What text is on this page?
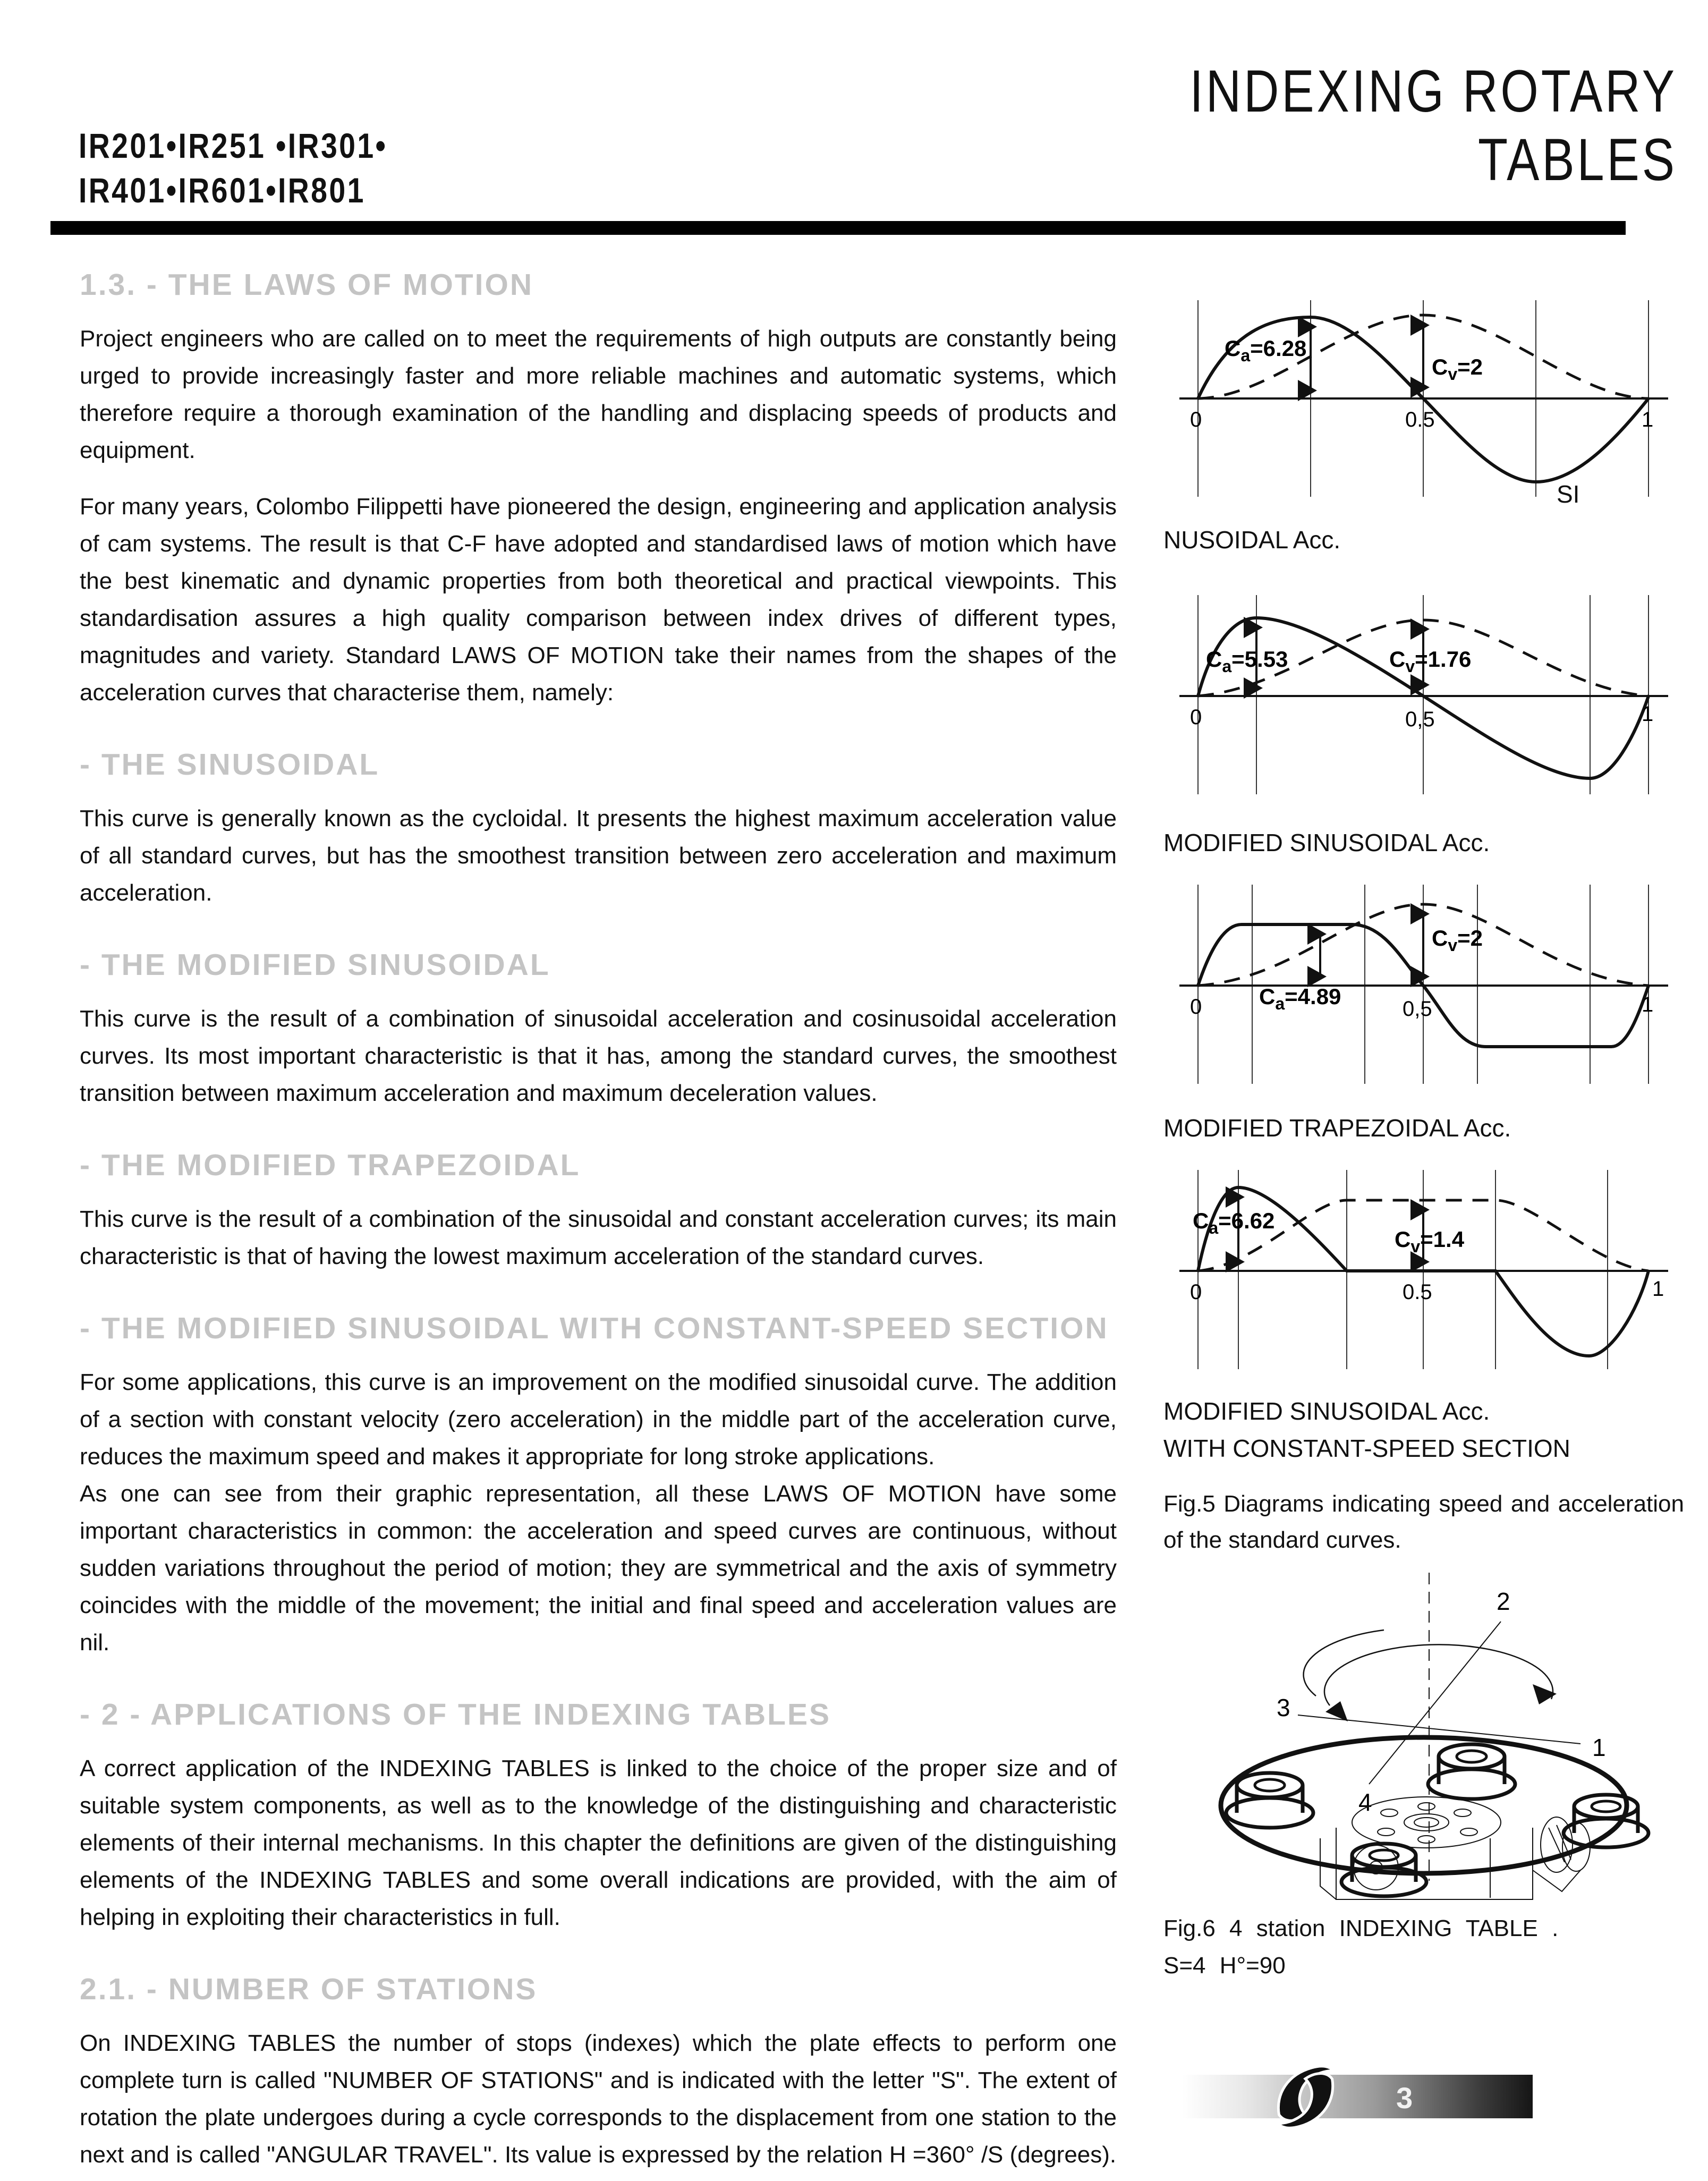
IR201•IR251 •IR301•
IR401•IR601•IR801
INDEXING ROTARY
TABLES
1.3. - THE LAWS OF MOTION

Project engineers who are called on to meet the requirements of high outputs are constantly being urged to provide increasingly faster and more reliable machines and automatic systems, which therefore require a thorough examination of the handling and displacing speeds of products and equipment.

For many years, Colombo Filippetti have pioneered the design, engineering and application analysis of cam systems. The result is that C-F have adopted and standardised laws of motion which have the best kinematic and dynamic properties from both theoretical and practical viewpoints. This standardisation assures a high quality comparison between index drives of different types, magnitudes and variety. Standard LAWS OF MOTION take their names from the shapes of the acceleration curves that characterise them, namely:

- THE SINUSOIDAL

This curve is generally known as the cycloidal. It presents the highest maximum acceleration value of all standard curves, but has the smoothest transition between zero acceleration and maximum acceleration.

- THE MODIFIED SINUSOIDAL

This curve is the result of a combination of sinusoidal acceleration and cosinusoidal acceleration curves. Its most important characteristic is that it has, among the standard curves, the smoothest transition between maximum acceleration and maximum deceleration values.

- THE MODIFIED TRAPEZOIDAL

This curve is the result of a combination of the sinusoidal and constant acceleration curves; its main characteristic is that of having the lowest maximum acceleration of the standard curves.

- THE MODIFIED SINUSOIDAL WITH CONSTANT-SPEED SECTION

For some applications, this curve is an improvement on the modified sinusoidal curve. The addition of a section with constant velocity (zero acceleration) in the middle part of the acceleration curve, reduces the maximum speed and makes it appropriate for long stroke applications.

As one can see from their graphic representation, all these LAWS OF MOTION have some important characteristics in common: the acceleration and speed curves are continuous, without sudden variations throughout the period of motion; they are symmetrical and the axis of symmetry coincides with the middle of the movement; the initial and final speed and acceleration values are nil.

- 2 - APPLICATIONS OF THE INDEXING TABLES

A correct application of the INDEXING TABLES is linked to the choice of the proper size and of suitable system components, as well as to the knowledge of the distinguishing and characteristic elements of their internal mechanisms. In this chapter the definitions are given of the distinguishing elements of the INDEXING TABLES and some overall indications are provided, with the aim of helping in exploiting their characteristics in full.

2.1. - NUMBER OF STATIONS

On INDEXING TABLES the number of stops (indexes) which the plate effects to perform one complete turn is called "NUMBER OF STATIONS" and is indicated with the letter "S". The extent of rotation the plate undergoes during a cycle corresponds to the displacement from one station to the next and is called "ANGULAR TRAVEL". Its value is expressed by the relation H =360° /S (degrees).

$C_a=6.28$
$C_v=2$
0	0.5	1
SI
NUSOIDAL Acc.
$C_a=5.53$	$C_v=1.76$
0	0,5	1
MODIFIED SINUSOIDAL Acc.
$C_a=4.89$
$C_v=2$
0	0,5	1
MODIFIED TRAPEZOIDAL Acc.
$C_a=6.62$
$C_v=1.4$
0	0.5	1
MODIFIED SINUSOIDAL Acc.
WITH CONSTANT-SPEED SECTION
Fig.5 Diagrams indicating speed and acceleration of the standard curves.
2
3
1
4
Fig.6 4 station INDEXING TABLE .
S=4 H°=90
3
